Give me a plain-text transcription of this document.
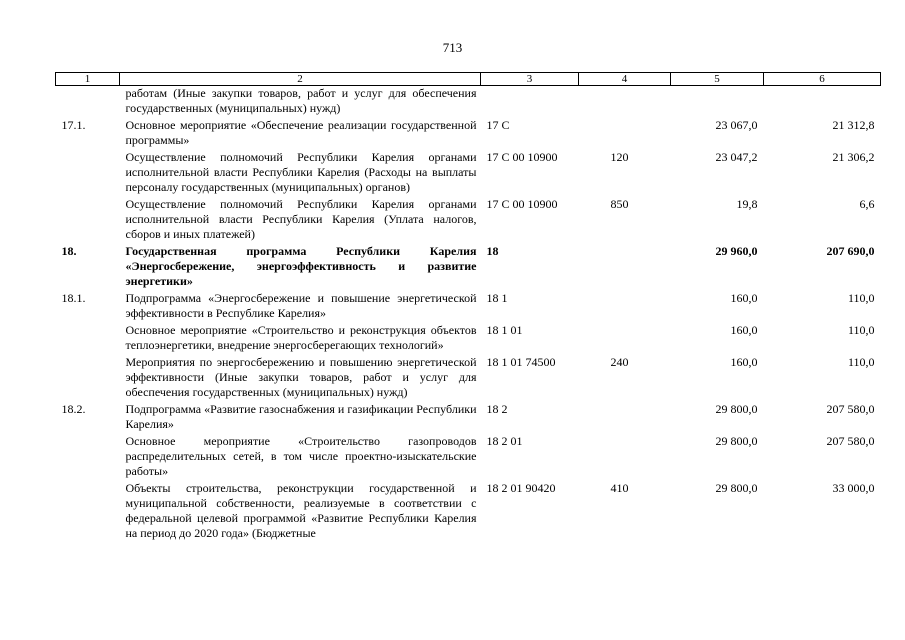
713
1	2	3	4	5	6
	работам (Иные закупки товаров, работ и услуг для обеспечения государственных (муниципальных) нужд)				
17.1.	Основное мероприятие «Обеспечение реализации государственной программы»	17 С		23 067,0	21 312,8
	Осуществление полномочий Республики Карелия органами исполнительной власти Республики Карелия (Расходы на выплаты персоналу государственных (муниципальных) органов)	17 С 00 10900	120	23 047,2	21 306,2
	Осуществление полномочий Республики Карелия органами исполнительной власти Республики Карелия (Уплата налогов, сборов и иных платежей)	17 С 00 10900	850	19,8	6,6
18.	Государственная программа Республики Карелия «Энергосбережение, энергоэффективность и развитие энергетики»	18		29 960,0	207 690,0
18.1.	Подпрограмма «Энергосбережение и повышение энергетической эффективности в Республике Карелия»	18 1		160,0	110,0
	Основное мероприятие «Строительство и реконструкция объектов теплоэнергетики, внедрение энергосберегающих технологий»	18 1 01		160,0	110,0
	Мероприятия по энергосбережению и повышению энергетической эффективности (Иные закупки товаров, работ и услуг для обеспечения государственных (муниципальных) нужд)	18 1 01 74500	240	160,0	110,0
18.2.	Подпрограмма «Развитие газоснабжения и газификации Республики Карелия»	18 2		29 800,0	207 580,0
	Основное мероприятие «Строительство газопроводов распределительных сетей, в том числе проектно-изыскательские работы»	18 2 01		29 800,0	207 580,0
	Объекты строительства, реконструкции государственной и муниципальной собственности, реализуемые в соответствии с федеральной целевой программой «Развитие Республики Карелия на период до 2020 года» (Бюджетные	18 2 01 90420	410	29 800,0	33 000,0
